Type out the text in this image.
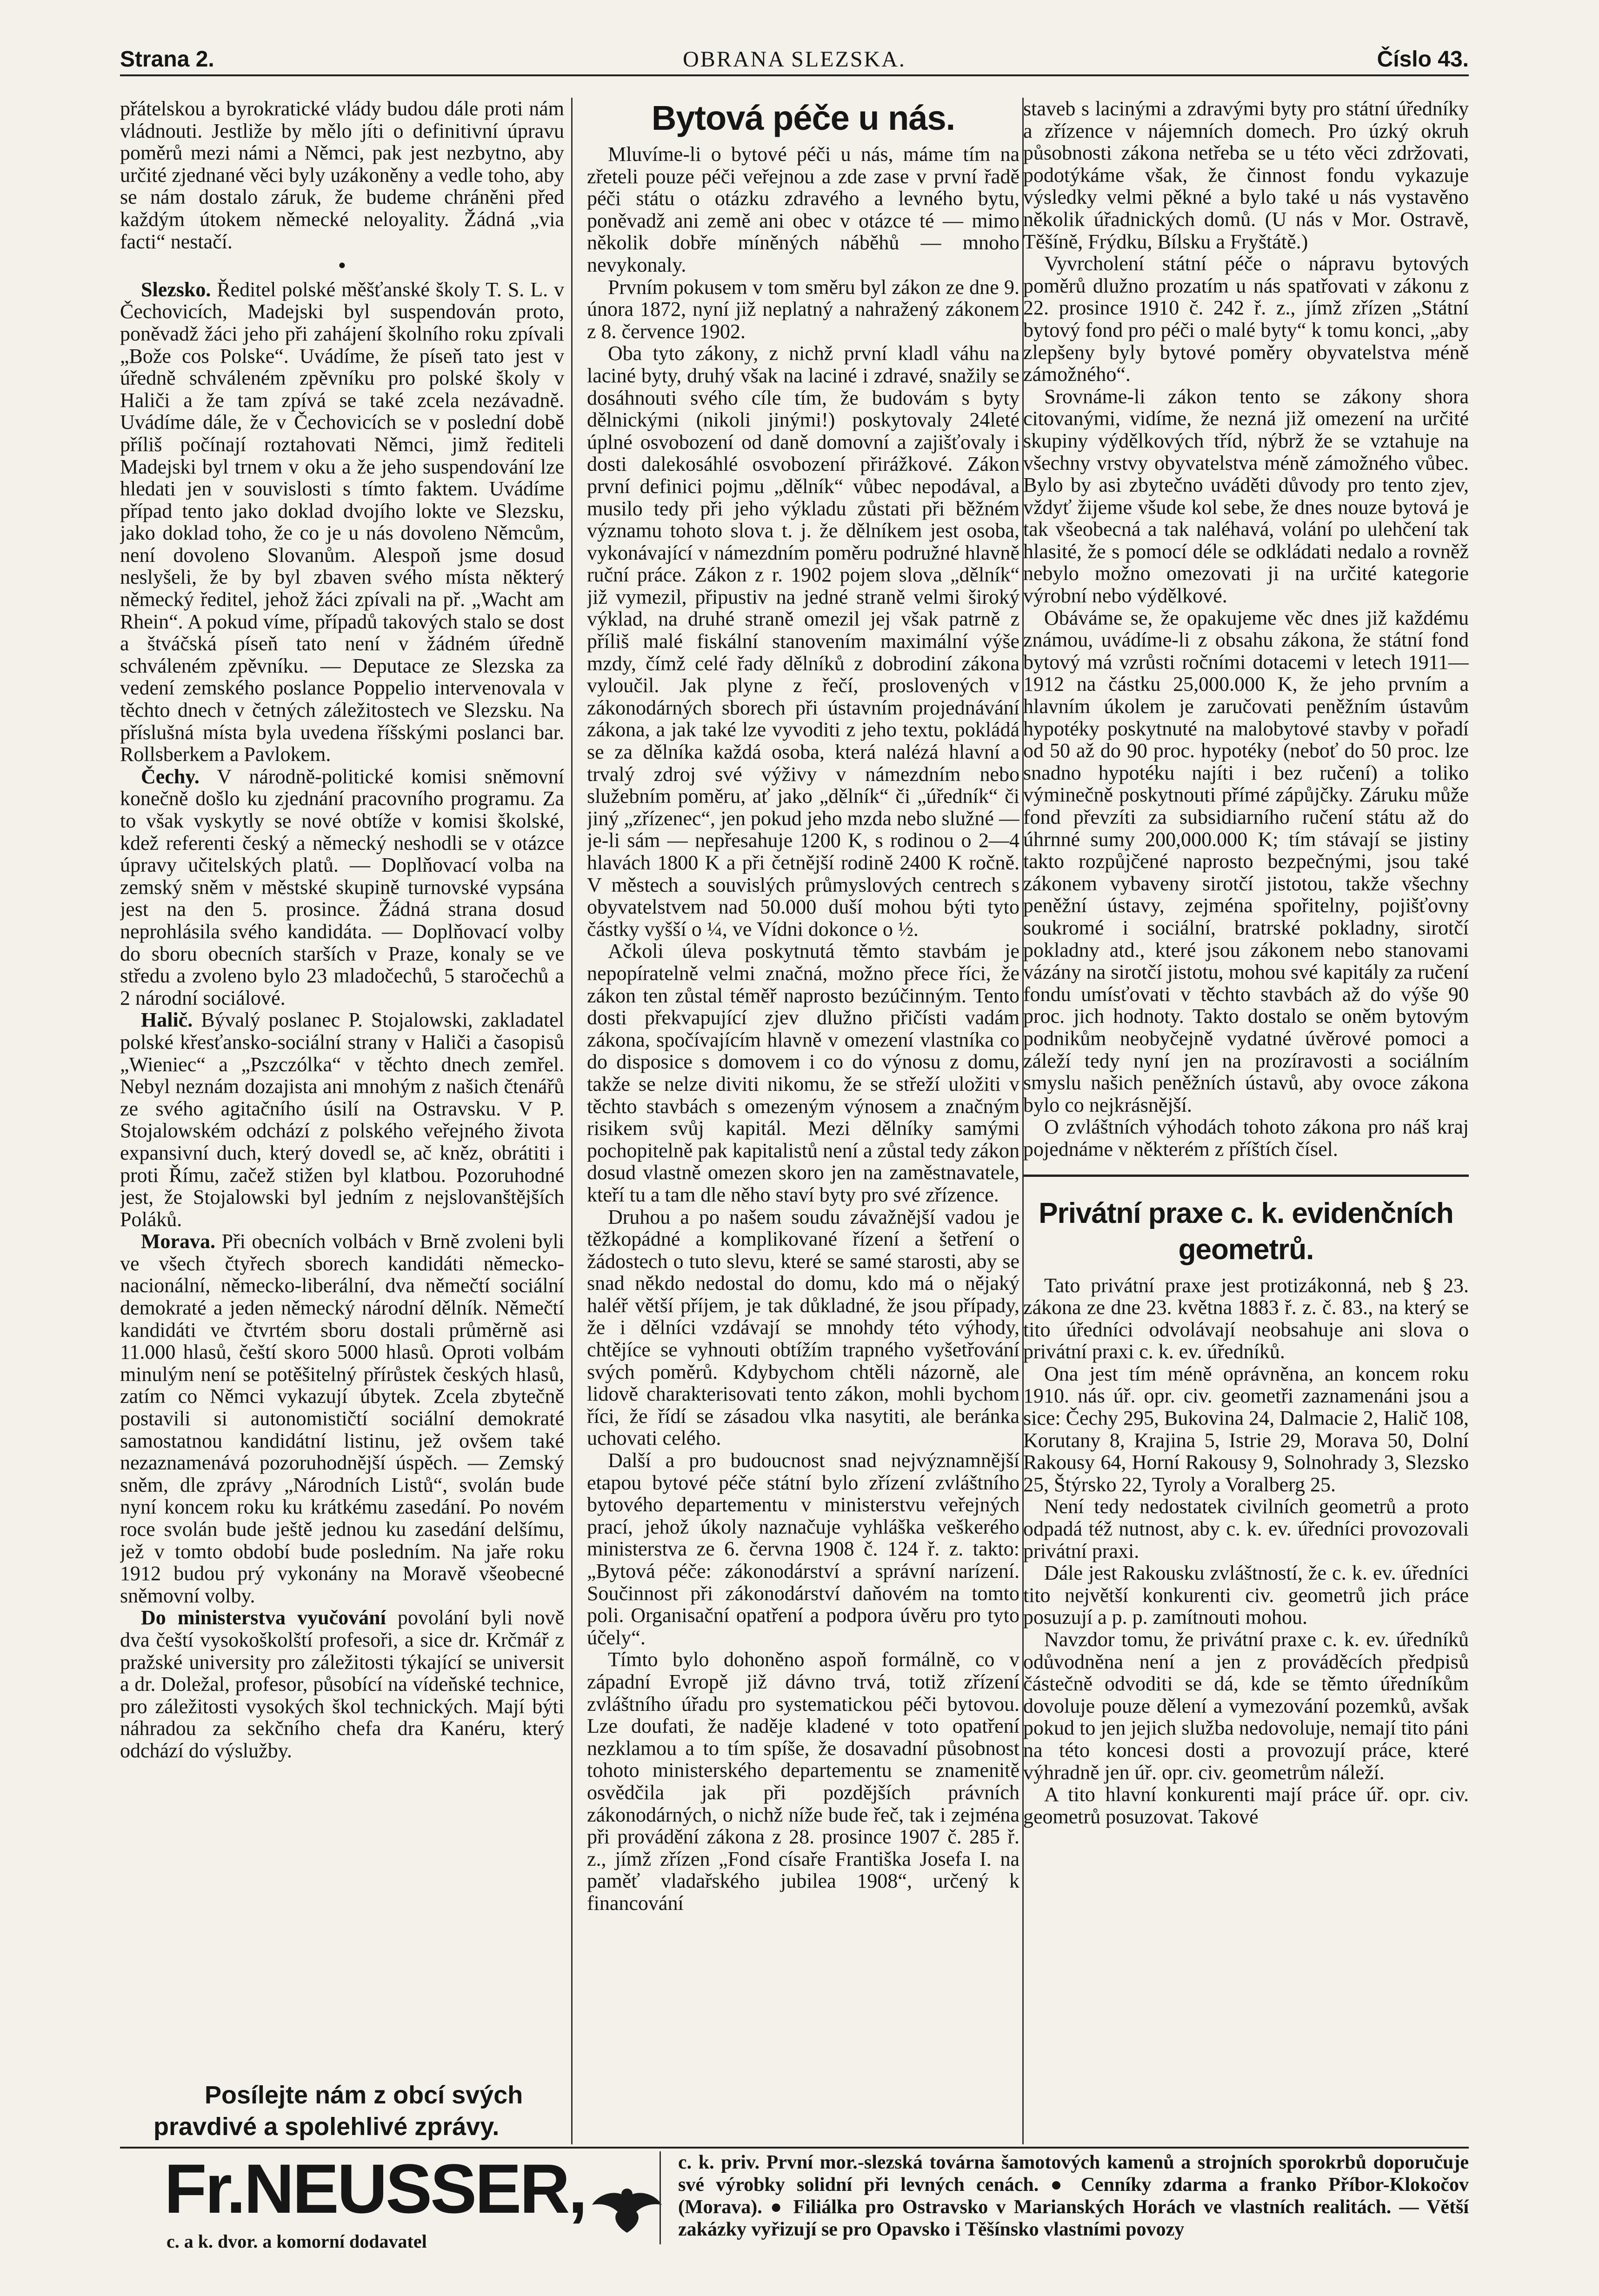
Strana 2.	OBRANA SLEZSKA.	Číslo 43.

přátelskou a byrokratické vlády budou dále proti nám vládnouti. Jestliže by mělo jíti o definitivní úpravu poměrů mezi námi a Němci, pak jest nezbytno, aby určité zjednané věci byly uzákoněny a vedle toho, aby se nám dostalo záruk, že budeme chráněni před každým útokem německé neloyality. Žádná „via facti“ nestačí.

•

Slezsko. Ředitel polské měšťanské školy T. S. L. v Čechovicích, Madejski byl suspendován proto, poněvadž žáci jeho při zahájení školního roku zpívali „Bože cos Polske“. Uvádíme, že píseň tato jest v úředně schváleném zpěvníku pro polské školy v Haliči a že tam zpívá se také zcela nezávadně. Uvádíme dále, že v Čechovicích se v poslední době příliš počínají roztahovati Němci, jimž řediteli Madejski byl trnem v oku a že jeho suspendování lze hledati jen v souvislosti s tímto faktem. Uvádíme případ tento jako doklad dvojího lokte ve Slezsku, jako doklad toho, že co je u nás dovoleno Němcům, není dovoleno Slovanům. Alespoň jsme dosud neslyšeli, že by byl zbaven svého místa některý německý ředitel, jehož žáci zpívali na př. „Wacht am Rhein“. A pokud víme, případů takových stalo se dost a štváčská píseň tato není v žádném úředně schváleném zpěvníku. — Deputace ze Slezska za vedení zemského poslance Poppelio intervenovala v těchto dnech v četných záležitostech ve Slezsku. Na příslušná místa byla uvedena říšskými poslanci bar. Rollsberkem a Pavlokem.

Čechy. V národně-politické komisi sněmovní konečně došlo ku zjednání pracovního programu. Za to však vyskytly se nové obtíže v komisi školské, kdež referenti český a německý neshodli se v otázce úpravy učitelských platů. — Doplňovací volba na zemský sněm v městské skupině turnovské vypsána jest na den 5. prosince. Žádná strana dosud neprohlásila svého kandidáta. — Doplňovací volby do sboru obecních starších v Praze, konaly se ve středu a zvoleno bylo 23 mladočechů, 5 staročechů a 2 národní sociálové.

Halič. Bývalý poslanec P. Stojalowski, zakladatel polské křesťansko-sociální strany v Haliči a časopisů „Wieniec“ a „Pszczólka“ v těchto dnech zemřel. Nebyl neznám dozajista ani mnohým z našich čtenářů ze svého agitačního úsilí na Ostravsku. V P. Stojalowském odchází z polského veřejného života expansivní duch, který dovedl se, ač kněz, obrátiti i proti Římu, začež stižen byl klatbou. Pozoruhodné jest, že Stojalowski byl jedním z nejslovanštějších Poláků.

Morava. Při obecních volbách v Brně zvoleni byli ve všech čtyřech sborech kandidáti německo-nacionální, německo-liberální, dva němečtí sociální demokraté a jeden německý národní dělník. Němečtí kandidáti ve čtvrtém sboru dostali průměrně asi 11.000 hlasů, čeští skoro 5000 hlasů. Oproti volbám minulým není se potěšitelný přírůstek českých hlasů, zatím co Němci vykazují úbytek. Zcela zbytečně postavili si autonomističtí sociální demokraté samostatnou kandidátní listinu, jež ovšem také nezaznamenává pozoruhodnější úspěch. — Zemský sněm, dle zprávy „Národních Listů“, svolán bude nyní koncem roku ku krátkému zasedání. Po novém roce svolán bude ještě jednou ku zasedání delšímu, jež v tomto období bude posledním. Na jaře roku 1912 budou prý vykonány na Moravě všeobecné sněmovní volby.

Do ministerstva vyučování povolání byli nově dva čeští vysokoškolští profesoři, a sice dr. Krčmář z pražské university pro záležitosti týkající se universit a dr. Doležal, profesor, působící na vídeňské technice, pro záležitosti vysokých škol technických. Mají býti náhradou za sekčního chefa dra Kanéru, který odchází do výslužby.

Posílejte nám z obcí svých
pravdivé a spolehlivé zprávy.
Bytová péče u nás.

Mluvíme-li o bytové péči u nás, máme tím na zřeteli pouze péči veřejnou a zde zase v první řadě péči státu o otázku zdravého a levného bytu, poněvadž ani země ani obec v otázce té — mimo několik dobře míněných náběhů — mnoho nevykonaly.

Prvním pokusem v tom směru byl zákon ze dne 9. února 1872, nyní již neplatný a nahražený zákonem z 8. července 1902.

Oba tyto zákony, z nichž první kladl váhu na laciné byty, druhý však na laciné i zdravé, snažily se dosáhnouti svého cíle tím, že budovám s byty dělnickými (nikoli jinými!) poskytovaly 24leté úplné osvobození od daně domovní a zajišťovaly i dosti dalekosáhlé osvobození přirážkové. Zákon první definici pojmu „dělník“ vůbec nepodával, a musilo tedy při jeho výkladu zůstati při běžném významu tohoto slova t. j. že dělníkem jest osoba, vykonávající v námezdním poměru podružné hlavně ruční práce. Zákon z r. 1902 pojem slova „dělník“ již vymezil, připustiv na jedné straně velmi široký výklad, na druhé straně omezil jej však patrně z příliš malé fiskální stanovením maximální výše mzdy, čímž celé řady dělníků z dobrodiní zákona vyloučil. Jak plyne z řečí, proslovených v zákonodárných sborech při ústavním projednávání zákona, a jak také lze vyvoditi z jeho textu, pokládá se za dělníka každá osoba, která nalézá hlavní a trvalý zdroj své výživy v námezdním nebo služebním poměru, ať jako „dělník“ či „úředník“ či jiný „zřízenec“, jen pokud jeho mzda nebo služné — je-li sám — nepřesahuje 1200 K, s rodinou o 2—4 hlavách 1800 K a při četnější rodině 2400 K ročně. V městech a souvislých průmyslových centrech s obyvatelstvem nad 50.000 duší mohou býti tyto částky vyšší o ¼, ve Vídni dokonce o ½.

Ačkoli úleva poskytnutá těmto stavbám je nepopíratelně velmi značná, možno přece říci, že zákon ten zůstal téměř naprosto bezúčinným. Tento dosti překvapující zjev dlužno přičísti vadám zákona, spočívajícím hlavně v omezení vlastníka co do disposice s domovem i co do výnosu z domu, takže se nelze diviti nikomu, že se střeží uložiti v těchto stavbách s omezeným výnosem a značným risikem svůj kapitál. Mezi dělníky samými pochopitelně pak kapitalistů není a zůstal tedy zákon dosud vlastně omezen skoro jen na zaměstnavatele, kteří tu a tam dle něho staví byty pro své zřízence.

Druhou a po našem soudu závažnější vadou je těžkopádné a komplikované řízení a šetření o žádostech o tuto slevu, které se samé starosti, aby se snad někdo nedostal do domu, kdo má o nějaký haléř větší příjem, je tak důkladné, že jsou případy, že i dělníci vzdávají se mnohdy této výhody, chtějíce se vyhnouti obtížím trapného vyšetřování svých poměrů. Kdybychom chtěli názorně, ale lidově charakterisovati tento zákon, mohli bychom říci, že řídí se zásadou vlka nasytiti, ale beránka uchovati celého.

Další a pro budoucnost snad nejvýznamnější etapou bytové péče státní bylo zřízení zvláštního bytového departementu v ministerstvu veřejných prací, jehož úkoly naznačuje vyhláška veškerého ministerstva ze 6. června 1908 č. 124 ř. z. takto: „Bytová péče: zákonodárství a správní narízení. Součinnost při zákonodárství daňovém na tomto poli. Organisační opatření a podpora úvěru pro tyto účely“.

Tímto bylo dohoněno aspoň formálně, co v západní Evropě již dávno trvá, totiž zřízení zvláštního úřadu pro systematickou péči bytovou. Lze doufati, že naděje kladené v toto opatření nezklamou a to tím spíše, že dosavadní působnost tohoto ministerského departementu se znamenitě osvědčila jak při pozdějších právních zákonodárných, o nichž níže bude řeč, tak i zejména při provádění zákona z 28. prosince 1907 č. 285 ř. z., jímž zřízen „Fond císaře Františka Josefa I. na paměť vladařského jubilea 1908“, určený k financování

staveb s lacinými a zdravými byty pro státní úředníky a zřízence v nájemních domech. Pro úzký okruh působnosti zákona netřeba se u této věci zdržovati, podotýkáme však, že činnost fondu vykazuje výsledky velmi pěkné a bylo také u nás vystavěno několik úřadnických domů. (U nás v Mor. Ostravě, Těšíně, Frýdku, Bílsku a Fryštátě.)

Vyvrcholení státní péče o nápravu bytových poměrů dlužno prozatím u nás spatřovati v zákonu z 22. prosince 1910 č. 242 ř. z., jímž zřízen „Státní bytový fond pro péči o malé byty“ k tomu konci, „aby zlepšeny byly bytové poměry obyvatelstva méně zámožného“.

Srovnáme-li zákon tento se zákony shora citovanými, vidíme, že nezná již omezení na určité skupiny výdělkových tříd, nýbrž že se vztahuje na všechny vrstvy obyvatelstva méně zámožného vůbec. Bylo by asi zbytečno uváděti důvody pro tento zjev, vždyť žijeme všude kol sebe, že dnes nouze bytová je tak všeobecná a tak naléhavá, volání po ulehčení tak hlasité, že s pomocí déle se odkládati nedalo a rovněž nebylo možno omezovati ji na určité kategorie výrobní nebo výdělkové.

Obáváme se, že opakujeme věc dnes již každému známou, uvádíme-li z obsahu zákona, že státní fond bytový má vzrůsti ročními dotacemi v letech 1911—1912 na částku 25,000.000 K, že jeho prvním a hlavním úkolem je zaručovati peněžním ústavům hypotéky poskytnuté na malobytové stavby v pořadí od 50 až do 90 proc. hypotéky (neboť do 50 proc. lze snadno hypotéku najíti i bez ručení) a toliko výminečně poskytnouti přímé zápůjčky. Záruku může fond převzíti za subsidiarního ručení státu až do úhrnné sumy 200,000.000 K; tím stávají se jistiny takto rozpůjčené naprosto bezpečnými, jsou také zákonem vybaveny sirotčí jistotou, takže všechny peněžní ústavy, zejména spořitelny, pojišťovny soukromé i sociální, bratrské pokladny, sirotčí pokladny atd., které jsou zákonem nebo stanovami vázány na sirotčí jistotu, mohou své kapitály za ručení fondu umísťovati v těchto stavbách až do výše 90 proc. jich hodnoty. Takto dostalo se oněm bytovým podnikům neobyčejně vydatné úvěrové pomoci a záleží tedy nyní jen na prozíravosti a sociálním smyslu našich peněžních ústavů, aby ovoce zákona bylo co nejkrásnější.

O zvláštních výhodách tohoto zákona pro náš kraj pojednáme v některém z příštích čísel.

Privátní praxe c. k. evidenčních geometrů.

Tato privátní praxe jest protizákonná, neb § 23. zákona ze dne 23. května 1883 ř. z. č. 83., na který se tito úředníci odvolávají neobsahuje ani slova o privátní praxi c. k. ev. úředníků.

Ona jest tím méně oprávněna, an koncem roku 1910. nás úř. opr. civ. geometři zaznamenáni jsou a sice: Čechy 295, Bukovina 24, Dalmacie 2, Halič 108, Korutany 8, Krajina 5, Istrie 29, Morava 50, Dolní Rakousy 64, Horní Rakousy 9, Solnohrady 3, Slezsko 25, Štýrsko 22, Tyroly a Voralberg 25.

Není tedy nedostatek civilních geometrů a proto odpadá též nutnost, aby c. k. ev. úředníci provozovali privátní praxi.

Dále jest Rakousku zvláštností, že c. k. ev. úředníci tito největší konkurenti civ. geometrů jich práce posuzují a p. p. zamítnouti mohou.

Navzdor tomu, že privátní praxe c. k. ev. úředníků odůvodněna není a jen z prováděcích předpisů částečně odvoditi se dá, kde se těmto úředníkům dovoluje pouze dělení a vymezování pozemků, avšak pokud to jen jejich služba nedovoluje, nemají tito páni na této koncesi dosti a provozují práce, které výhradně jen úř. opr. civ. geometrům náleží.

A tito hlavní konkurenti mají práce úř. opr. civ. geometrů posuzovat. Takové

Fr.NEUSSER,
c. a k. dvor. a komorní dodavatel
c. k. priv. První mor.-slezská továrna šamotových kamenů a strojních sporokrbů doporučuje své výrobky solidní při levných cenách. ● Cenníky zdarma a franko Příbor-Klokočov (Morava). ● Filiálka pro Ostravsko v Marianských Horách ve vlastních realitách. — Větší zakázky vyřizují se pro Opavsko i Těšínsko vlastními povozy
